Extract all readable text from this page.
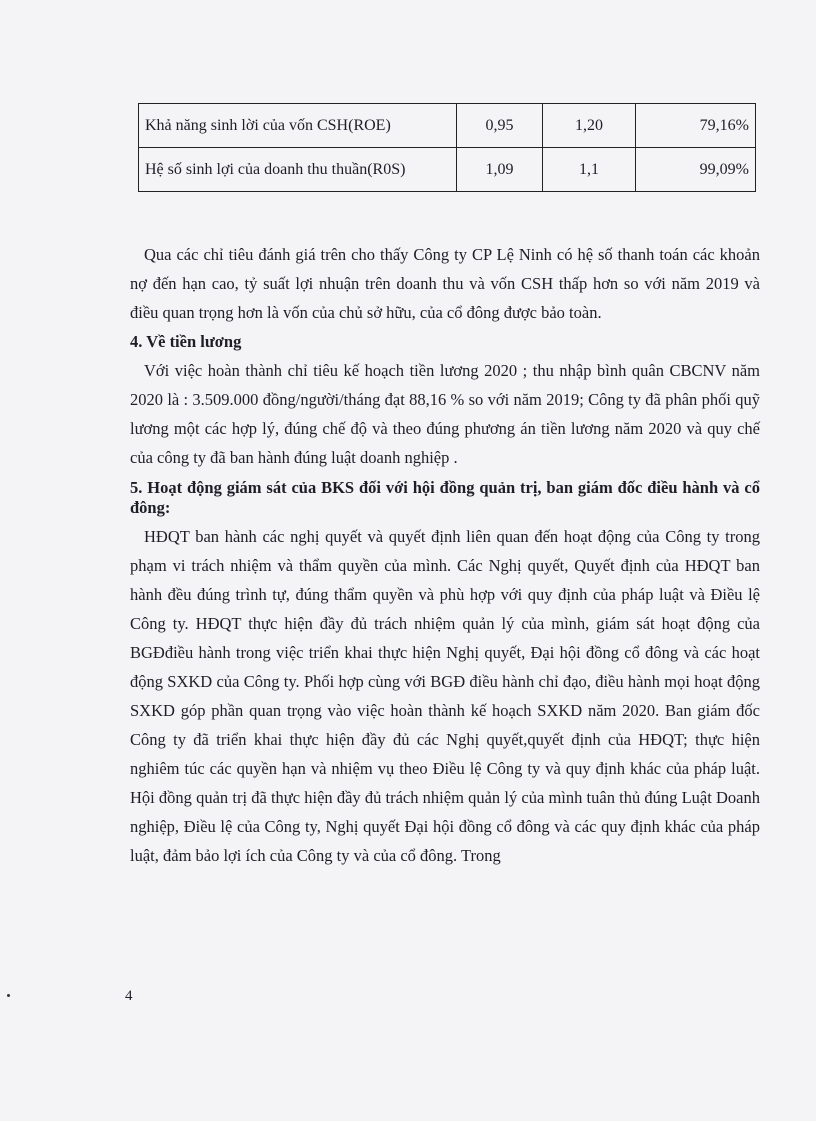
Khả năng sinh lời của vốn CSH(ROE)	0,95	1,20	79,16%
Hệ số sinh lợi của doanh thu thuần(R0S)	1,09	1,1	99,09%

Qua các chỉ tiêu đánh giá trên cho thấy Công ty CP Lệ Ninh có hệ số thanh toán các khoản nợ đến hạn cao, tỷ suất lợi nhuận trên doanh thu và vốn CSH thấp hơn so với năm 2019 và điều quan trọng hơn là vốn của chủ sở hữu, của cổ đông được bảo toàn.

4. Về tiền lương

Với việc hoàn thành chỉ tiêu kế hoạch tiền lương 2020 ; thu nhập bình quân CBCNV năm 2020 là : 3.509.000 đồng/người/tháng đạt 88,16 % so với năm 2019; Công ty đã phân phối quỹ lương một các hợp lý, đúng chế độ và theo đúng phương án tiền lương năm 2020 và quy chế của công ty đã ban hành đúng luật doanh nghiệp .

5. Hoạt động giám sát của BKS đối với hội đồng quản trị, ban giám đốc điều hành và cổ đông:

HĐQT ban hành các nghị quyết và quyết định liên quan đến hoạt động của Công ty trong phạm vi trách nhiệm và thẩm quyền của mình. Các Nghị quyết, Quyết định của HĐQT ban hành đều đúng trình tự, đúng thẩm quyền và phù hợp với quy định của pháp luật và Điều lệ Công ty. HĐQT thực hiện đầy đủ trách nhiệm quản lý của mình, giám sát hoạt động của BGĐđiều hành trong việc triển khai thực hiện Nghị quyết, Đại hội đồng cổ đông và các hoạt động SXKD của Công ty. Phối hợp cùng với BGĐ điều hành chỉ đạo, điều hành mọi hoạt động SXKD góp phần quan trọng vào việc hoàn thành kế hoạch SXKD năm 2020. Ban giám đốc Công ty đã triển khai thực hiện đầy đủ các Nghị quyết,quyết định của HĐQT; thực hiện nghiêm túc các quyền hạn và nhiệm vụ theo Điều lệ Công ty và quy định khác của pháp luật. Hội đồng quản trị đã thực hiện đầy đủ trách nhiệm quản lý của mình tuân thủ đúng Luật Doanh nghiệp, Điều lệ của Công ty, Nghị quyết Đại hội đồng cổ đông và các quy định khác của pháp luật, đảm bảo lợi ích của Công ty và của cổ đông. Trong

4
